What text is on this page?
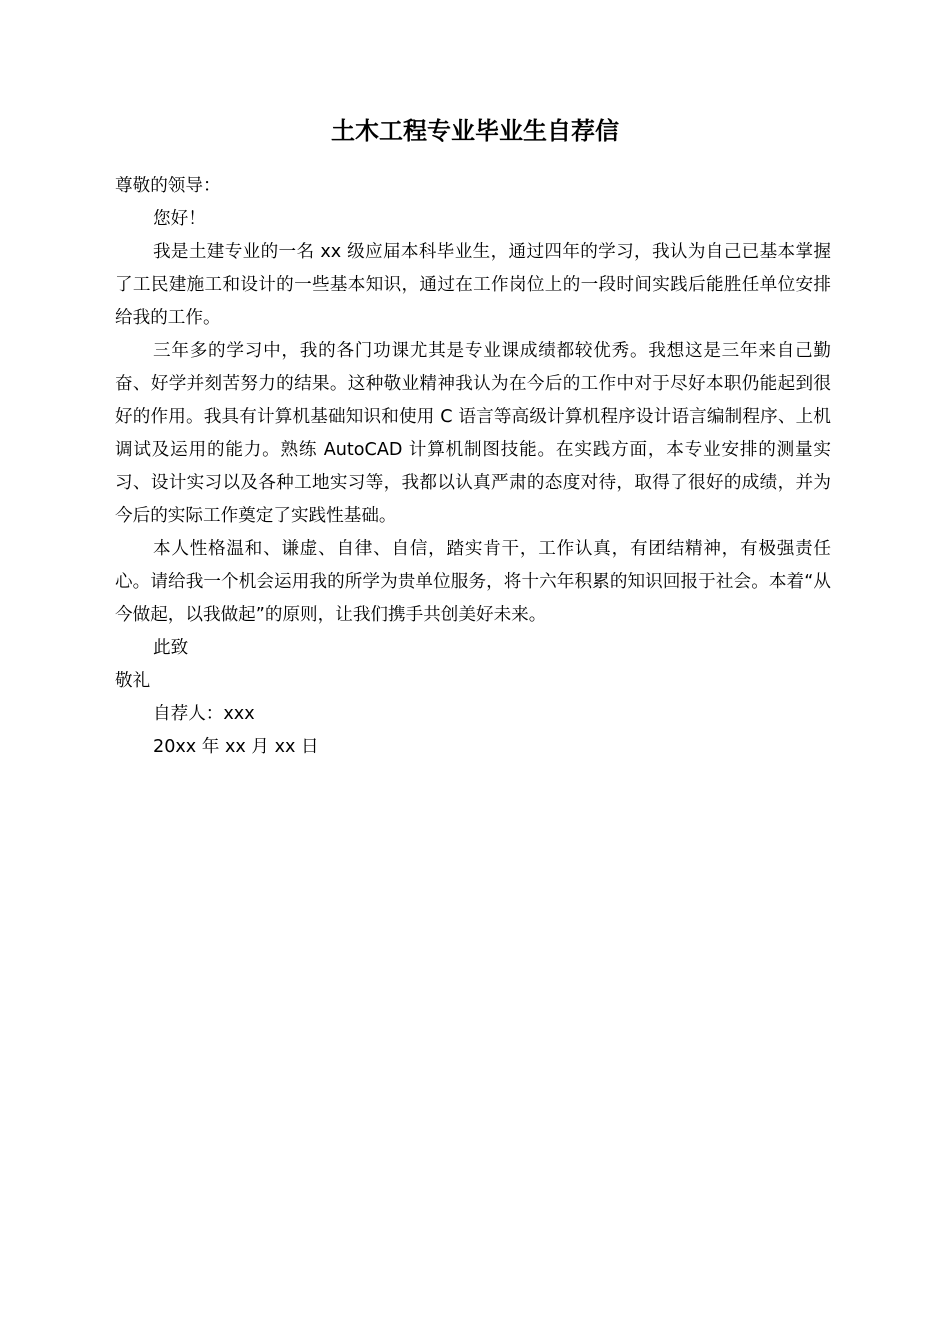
土木工程专业毕业生自荐信

尊敬的领导：

您好！

我是土建专业的一名 xx 级应届本科毕业生，通过四年的学习，我认为自己已基本掌握了工民建施工和设计的一些基本知识，通过在工作岗位上的一段时间实践后能胜任单位安排给我的工作。

三年多的学习中，我的各门功课尤其是专业课成绩都较优秀。我想这是三年来自己勤奋、好学并刻苦努力的结果。这种敬业精神我认为在今后的工作中对于尽好本职仍能起到很好的作用。我具有计算机基础知识和使用 C 语言等高级计算机程序设计语言编制程序、上机调试及运用的能力。熟练 AutoCAD 计算机制图技能。在实践方面，本专业安排的测量实习、设计实习以及各种工地实习等，我都以认真严肃的态度对待，取得了很好的成绩，并为今后的实际工作奠定了实践性基础。

本人性格温和、谦虚、自律、自信，踏实肯干，工作认真，有团结精神，有极强责任心。请给我一个机会运用我的所学为贵单位服务，将十六年积累的知识回报于社会。本着“从今做起，以我做起”的原则，让我们携手共创美好未来。

此致

敬礼

自荐人：xxx

20xx 年 xx 月 xx 日
